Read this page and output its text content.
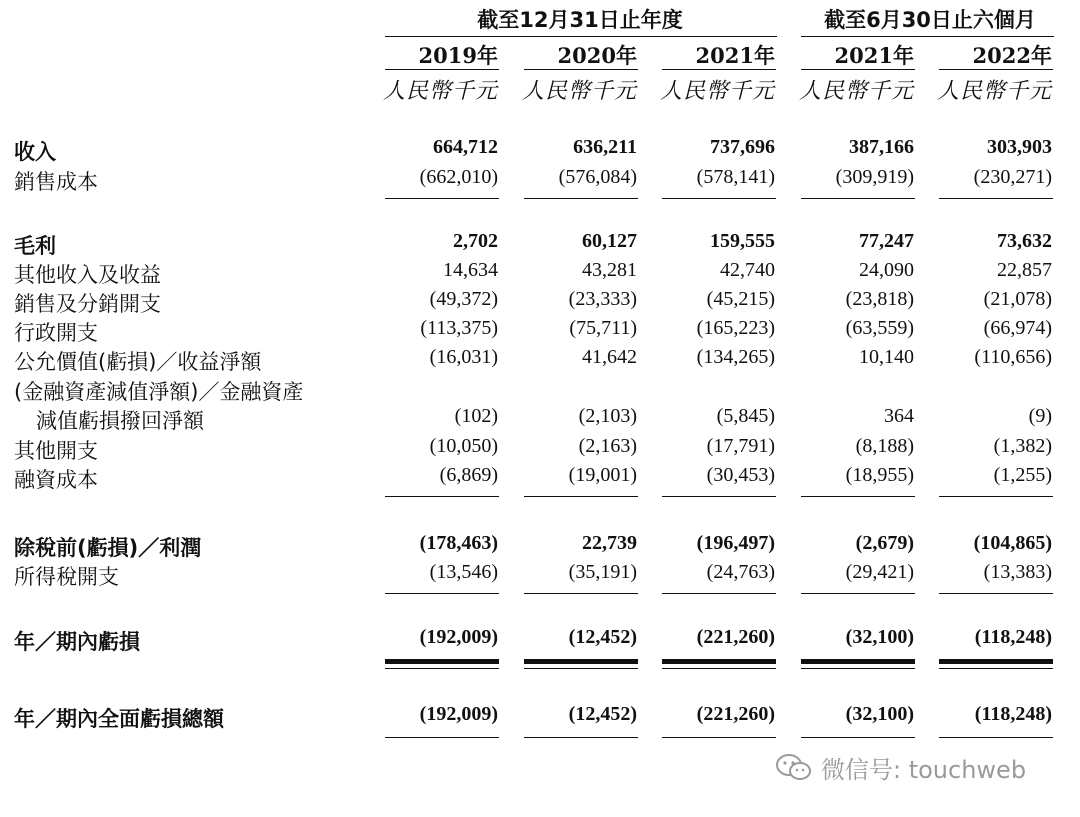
截至12月31日止年度	截至6月30日止六個月
2019年	2020年	2021年	2021年	2022年
人民幣千元 人民幣千元 人民幣千元 人民幣千元 人民幣千元
收入	664,712	636,211	737,696	387,166	303,903
銷售成本	(662,010)	(576,084)	(578,141)	(309,919)	(230,271)
毛利	2,702	60,127	159,555	77,247	73,632
其他收入及收益	14,634	43,281	42,740	24,090	22,857
銷售及分銷開支	(49,372)	(23,333)	(45,215)	(23,818)	(21,078)
行政開支	(113,375)	(75,711)	(165,223)	(63,559)	(66,974)
公允價值(虧損)／收益淨額	(16,031)	41,642	(134,265)	10,140	(110,656)
(金融資產減值淨額)／金融資產
減值虧損撥回淨額	(102)	(2,103)	(5,845)	364	(9)
其他開支	(10,050)	(2,163)	(17,791)	(8,188)	(1,382)
融資成本	(6,869)	(19,001)	(30,453)	(18,955)	(1,255)
除稅前(虧損)／利潤	(178,463)	22,739	(196,497)	(2,679)	(104,865)
所得稅開支	(13,546)	(35,191)	(24,763)	(29,421)	(13,383)
年／期內虧損	(192,009)	(12,452)	(221,260)	(32,100)	(118,248)
年／期內全面虧損總額	(192,009)	(12,452)	(221,260)	(32,100)	(118,248)
微信号: touchweb
